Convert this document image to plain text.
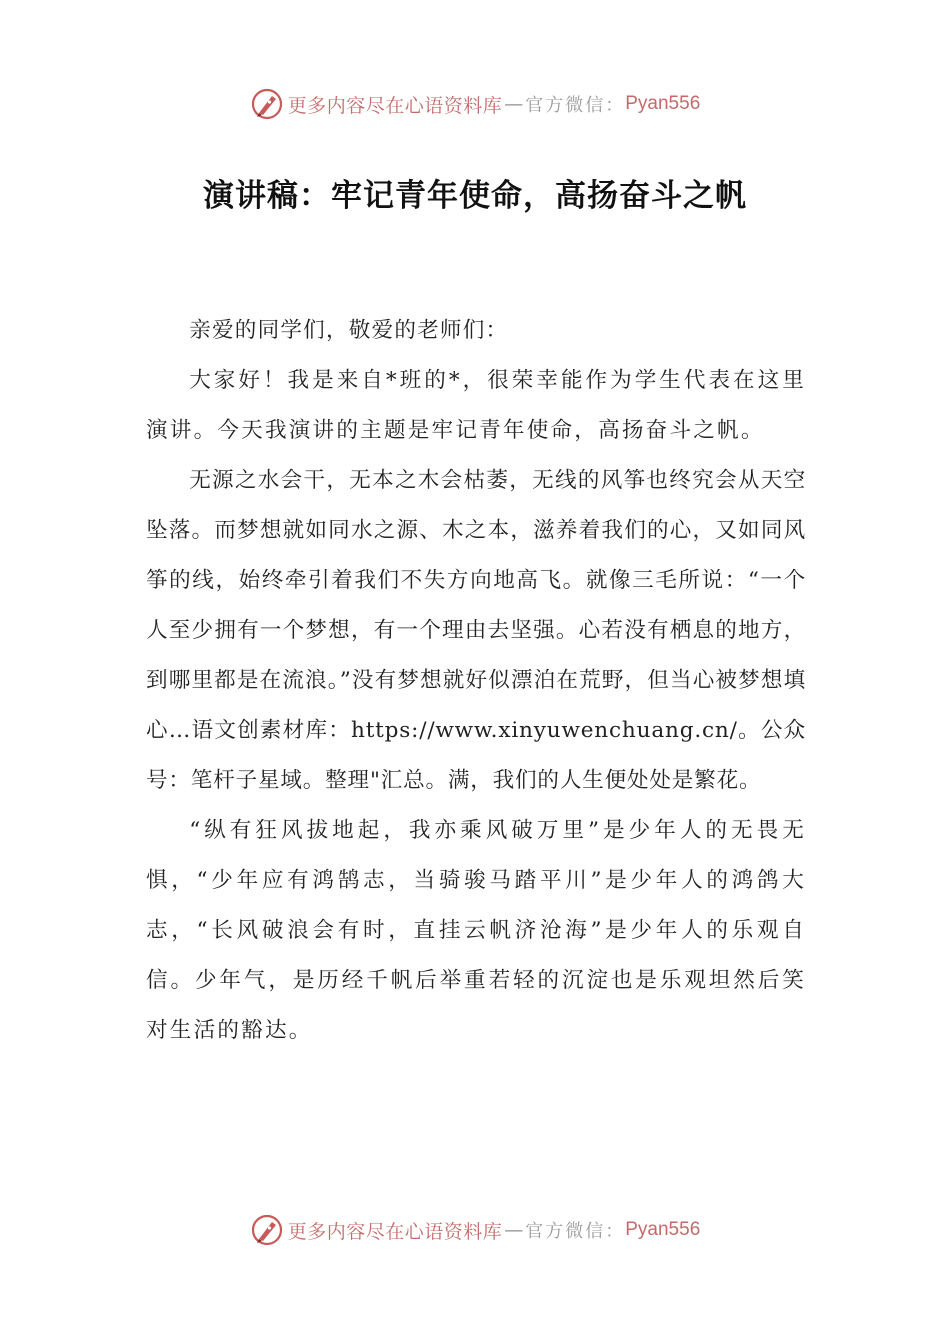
更多内容尽在心语资料库 — 官方微信： Pyan556
演讲稿：牢记青年使命，高扬奋斗之帆

亲爱的同学们，敬爱的老师们：

大家好！我是来自*班的*，很荣幸能作为学生代表在这里演讲。今天我演讲的主题是牢记青年使命，高扬奋斗之帆。

无源之水会干，无本之木会枯萎，无线的风筝也终究会从天空坠落。而梦想就如同水之源、木之本，滋养着我们的心，又如同风筝的线，始终牵引着我们不失方向地高飞。就像三毛所说：“一个人至少拥有一个梦想，有一个理由去坚强。心若没有栖息的地方，到哪里都是在流浪。”没有梦想就好似漂泊在荒野，但当心被梦想填心…语文创素材库：https://www.xinyuwenchuang.cn/。公众号：笔杆子星域。整理"汇总。满，我们的人生便处处是繁花。

“纵有狂风拔地起，我亦乘风破万里”是少年人的无畏无惧，“少年应有鸿鹄志，当骑骏马踏平川”是少年人的鸿鸽大志，“长风破浪会有时，直挂云帆济沧海”是少年人的乐观自信。少年气，是历经千帆后举重若轻的沉淀也是乐观坦然后笑对生活的豁达。

更多内容尽在心语资料库 — 官方微信： Pyan556
